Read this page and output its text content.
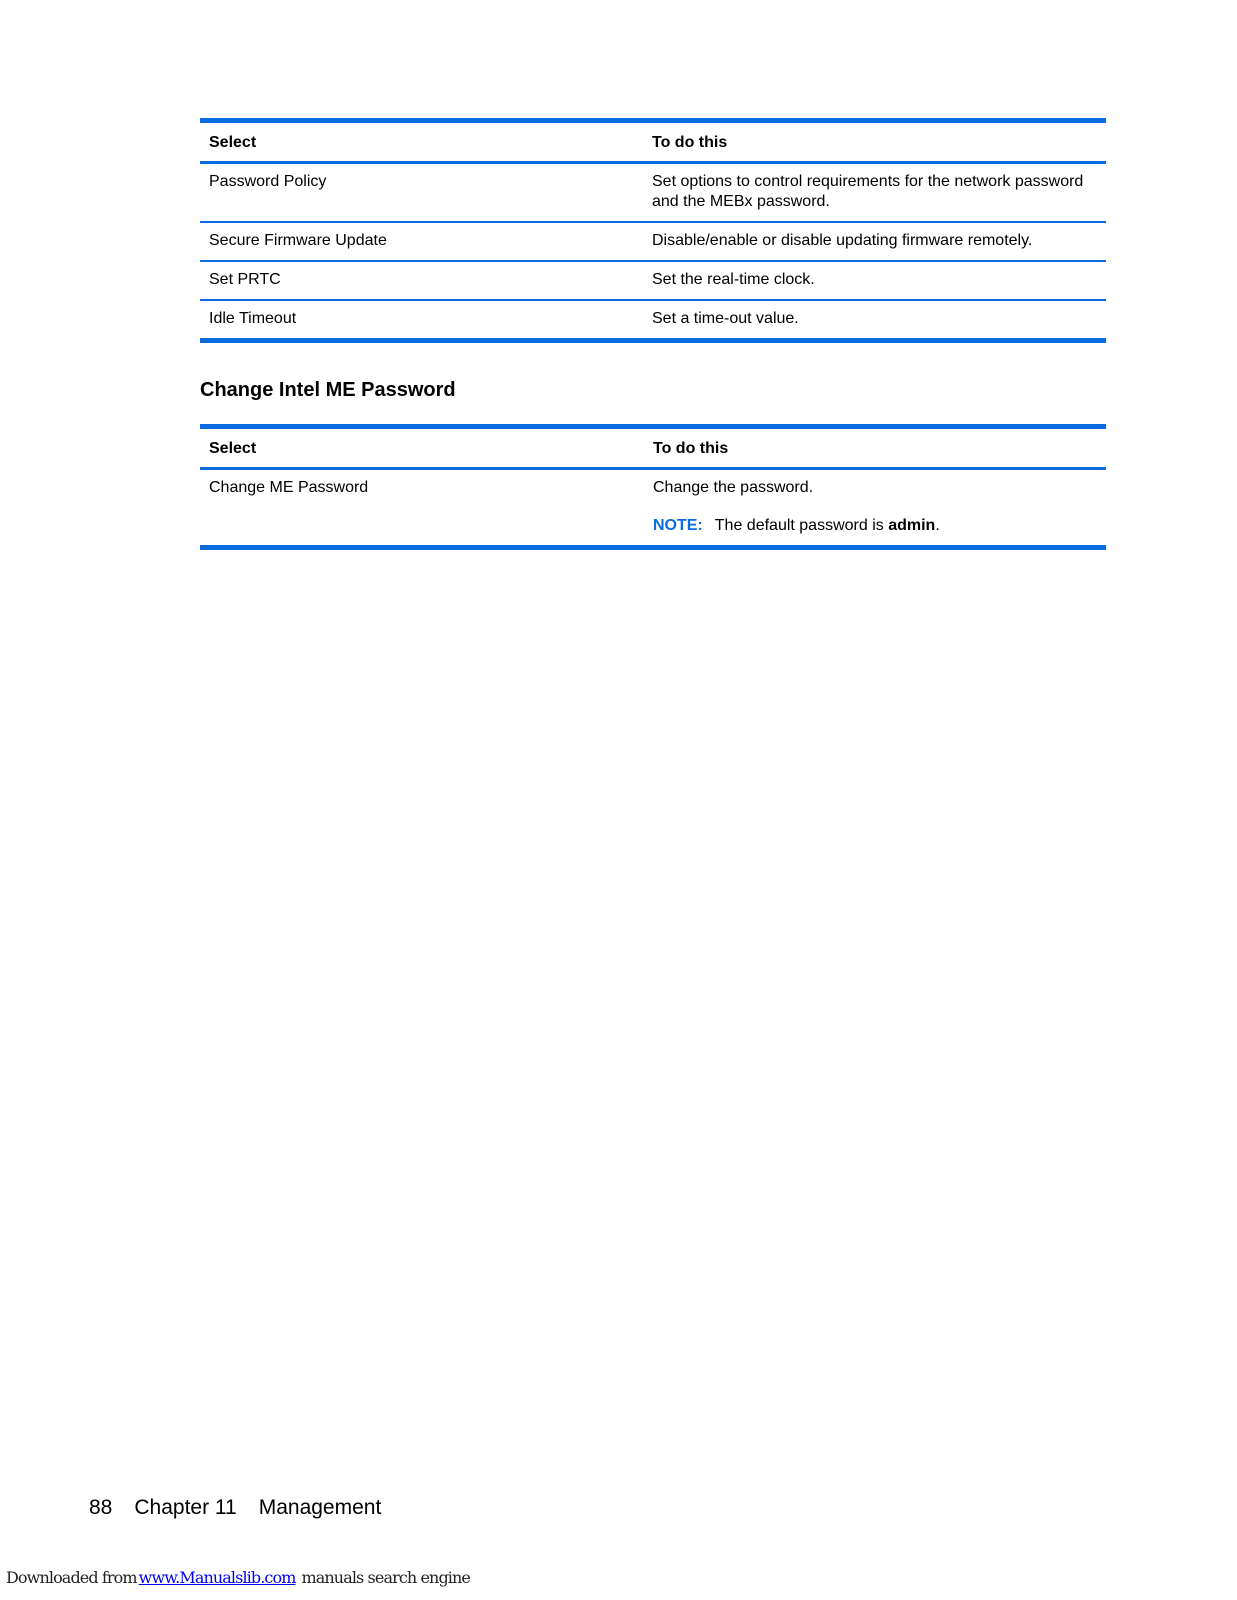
Select	To do this
Password Policy	Set options to control requirements for the network password
and the MEBx password.
Secure Firmware Update	Disable/enable or disable updating firmware remotely.
Set PRTC	Set the real-time clock.
Idle Timeout	Set a time-out value.
Change Intel ME Password
Select	To do this
Change ME Password	Change the password.
NOTE: The default password is admin.
88 Chapter 11 Management
Downloaded from www.Manualslib.com manuals search engine
